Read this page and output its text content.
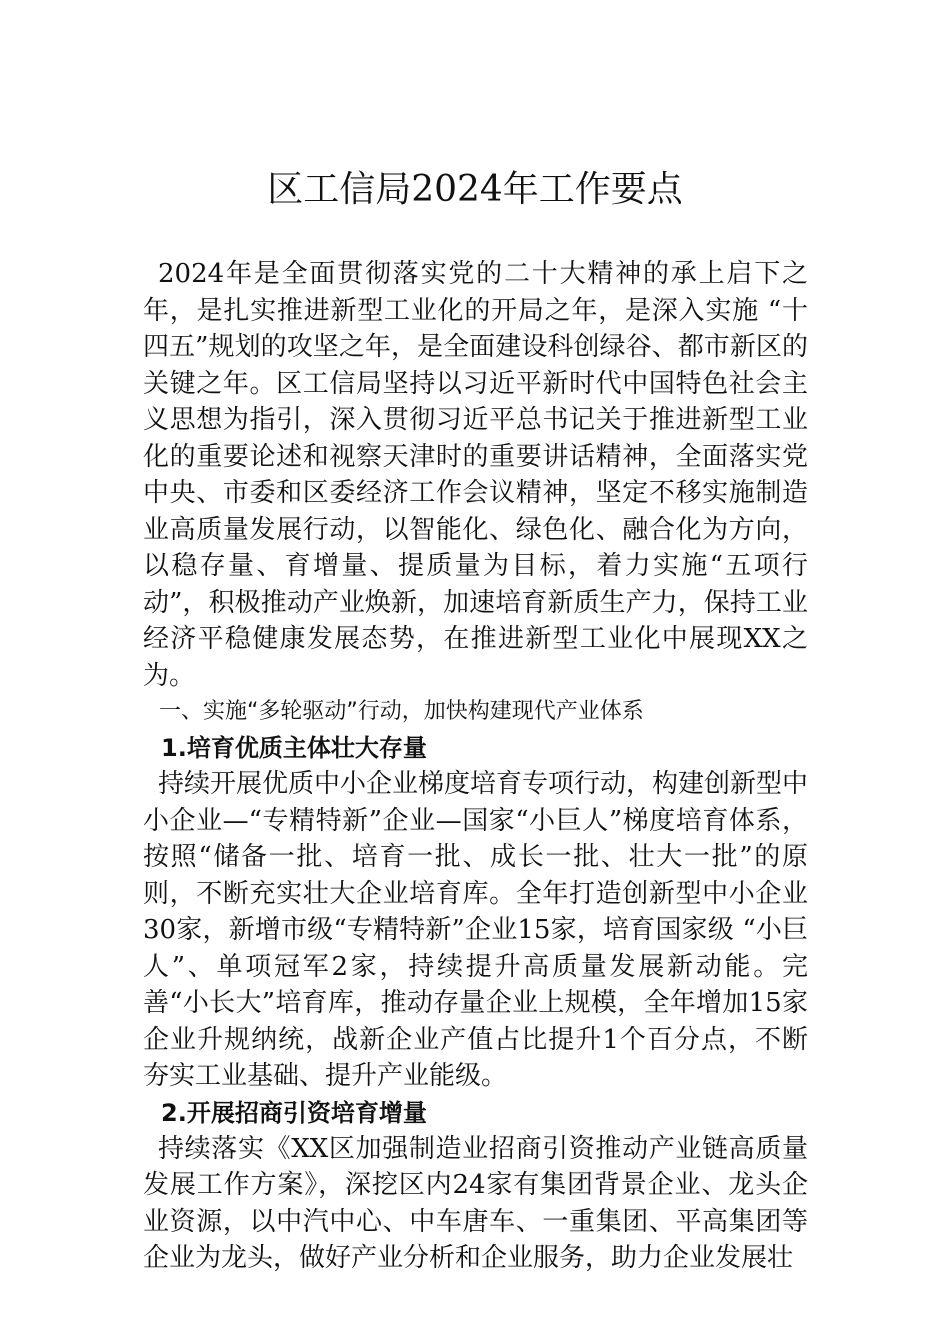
区工信局2024年工作要点

2024年是全面贯彻落实党的二十大精神的承上启下之年，是扎实推进新型工业化的开局之年，是深入实施 “十四五”规划的攻坚之年，是全面建设科创绿谷、都市新区的关键之年。区工信局坚持以习近平新时代中国特色社会主义思想为指引，深入贯彻习近平总书记关于推进新型工业化的重要论述和视察天津时的重要讲话精神，全面落实党中央、市委和区委经济工作会议精神，坚定不移实施制造业高质量发展行动，以智能化、绿色化、融合化为方向，以稳存量、育增量、提质量为目标，着力实施“五项行动”，积极推动产业焕新，加速培育新质生产力，保持工业经济平稳健康发展态势，在推进新型工业化中展现XX之为。

一、实施“多轮驱动”行动，加快构建现代产业体系

1.培育优质主体壮大存量

持续开展优质中小企业梯度培育专项行动，构建创新型中小企业—“专精特新”企业—国家“小巨人”梯度培育体系，按照“储备一批、培育一批、成长一批、壮大一批”的原则，不断充实壮大企业培育库。全年打造创新型中小企业30家，新增市级“专精特新”企业15家，培育国家级 “小巨人”、单项冠军2家，持续提升高质量发展新动能。完善“小长大”培育库，推动存量企业上规模，全年增加15家企业升规纳统，战新企业产值占比提升1个百分点，不断夯实工业基础、提升产业能级。

2.开展招商引资培育增量

持续落实《XX区加强制造业招商引资推动产业链高质量发展工作方案》，深挖区内24家有集团背景企业、龙头企业资源，以中汽中心、中车唐车、一重集团、平高集团等企业为龙头，做好产业分析和企业服务，助力企业发展壮
